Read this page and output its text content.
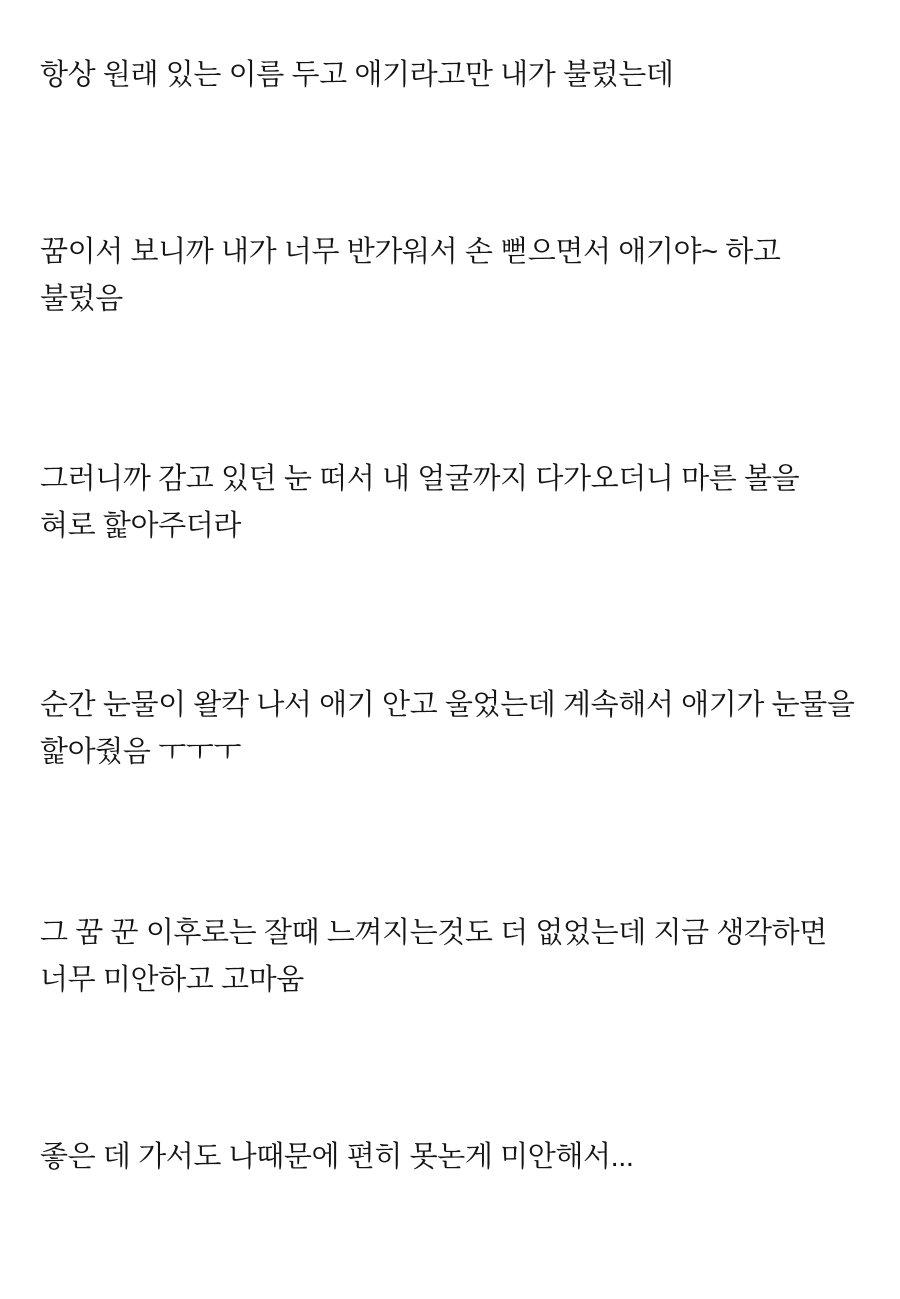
항상 원래 있는 이름 두고 애기라고만 내가 불렀는데

꿈이서 보니까 내가 너무 반가워서 손 뻗으면서 애기야~ 하고 불렀음

그러니까 감고 있던 눈 떠서 내 얼굴까지 다가오더니 마른 볼을 혀로 핥아주더라

순간 눈물이 왈칵 나서 애기 안고 울었는데 계속해서 애기가 눈물을 핥아줬음 ㅜㅜㅜ

그 꿈 꾼 이후로는 잘때 느껴지는것도 더 없었는데 지금 생각하면 너무 미안하고 고마움

좋은 데 가서도 나때문에 편히 못논게 미안해서...
